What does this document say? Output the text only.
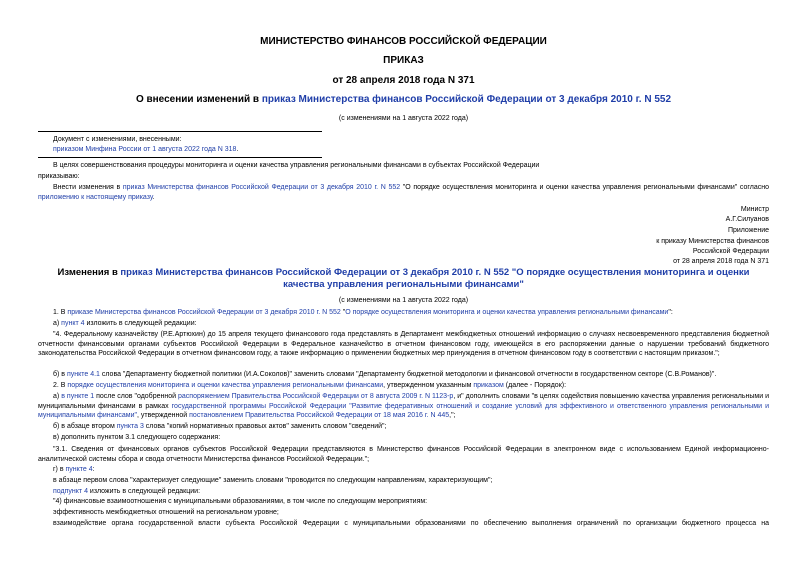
МИНИСТЕРСТВО ФИНАНСОВ РОССИЙСКОЙ ФЕДЕРАЦИИ
ПРИКАЗ
от 28 апреля 2018 года N 371
О внесении изменений в приказ Министерства финансов Российской Федерации от 3 декабря 2010 г. N 552
(с изменениями на 1 августа 2022 года)
Документ с изменениями, внесенными:
приказом Минфина России от 1 августа 2022 года N 318.
В целях совершенствования процедуры мониторинга и оценки качества управления региональными финансами в субъектах Российской Федерации
приказываю:
Внести изменения в приказ Министерства финансов Российской Федерации от 3 декабря 2010 г. N 552 "О порядке осуществления мониторинга и оценки качества управления региональными финансами" согласно приложению к настоящему приказу.
Министр
А.Г.Силуанов
Приложение
к приказу Министерства финансов
Российской Федерации
от 28 апреля 2018 года N 371
Изменения в приказ Министерства финансов Российской Федерации от 3 декабря 2010 г. N 552 "О порядке осуществления мониторинга и оценки качества управления региональными финансами"
(с изменениями на 1 августа 2022 года)
1. В приказе Министерства финансов Российской Федерации от 3 декабря 2010 г. N 552 "О порядке осуществления мониторинга и оценки качества управления региональными финансами":
а) пункт 4 изложить в следующей редакции:
"4. Федеральному казначейству (Р.Е.Артюхин) до 15 апреля текущего финансового года представлять в Департамент межбюджетных отношений информацию о случаях несвоевременного представления бюджетной отчетности финансовыми органами субъектов Российской Федерации в Федеральное казначейство в отчетном финансовом году, имеющейся в его распоряжении данные о нарушении требований бюджетного законодательства Российской Федерации в отчетном финансовом году, а также информацию о применении бюджетных мер принуждения в отчетном финансовом году в соответствии с настоящим приказом.";
б) в пункте 4.1 слова "Департаменту бюджетной политики (И.А.Соколов)" заменить словами "Департаменту бюджетной методологии и финансовой отчетности в государственном секторе (С.В.Романов)".
2. В порядке осуществления мониторинга и оценки качества управления региональными финансами, утвержденном указанным приказом (далее - Порядок):
а) в пункте 1 после слов "одобренной распоряжением Правительства Российской Федерации от 8 августа 2009 г. N 1123-р, и" дополнить словами "в целях содействия повышению качества управления региональными и муниципальными финансами в рамках государственной программы Российской Федерации "Развитие федеративных отношений и создание условий для эффективного и ответственного управления региональными и муниципальными финансами", утвержденной постановлением Правительства Российской Федерации от 18 мая 2016 г. N 445,";
б) в абзаце втором пункта 3 слова "копий нормативных правовых актов" заменить словом "сведений";
в) дополнить пунктом 3.1 следующего содержания:
"3.1. Сведения от финансовых органов субъектов Российской Федерации представляются в Министерство финансов Российской Федерации в электронном виде с использованием Единой информационно-аналитической системы сбора и свода отчетности Министерства финансов Российской Федерации.";
г) в пункте 4:
в абзаце первом слова "характеризует следующие" заменить словами "проводится по следующим направлениям, характеризующим";
подпункт 4 изложить в следующей редакции:
"4) финансовые взаимоотношения с муниципальными образованиями, в том числе по следующим мероприятиям:
эффективность межбюджетных отношений на региональном уровне;
взаимодействие органа государственной власти субъекта Российской Федерации с муниципальными образованиями по обеспечению выполнения ограничений по организации бюджетного процесса на
